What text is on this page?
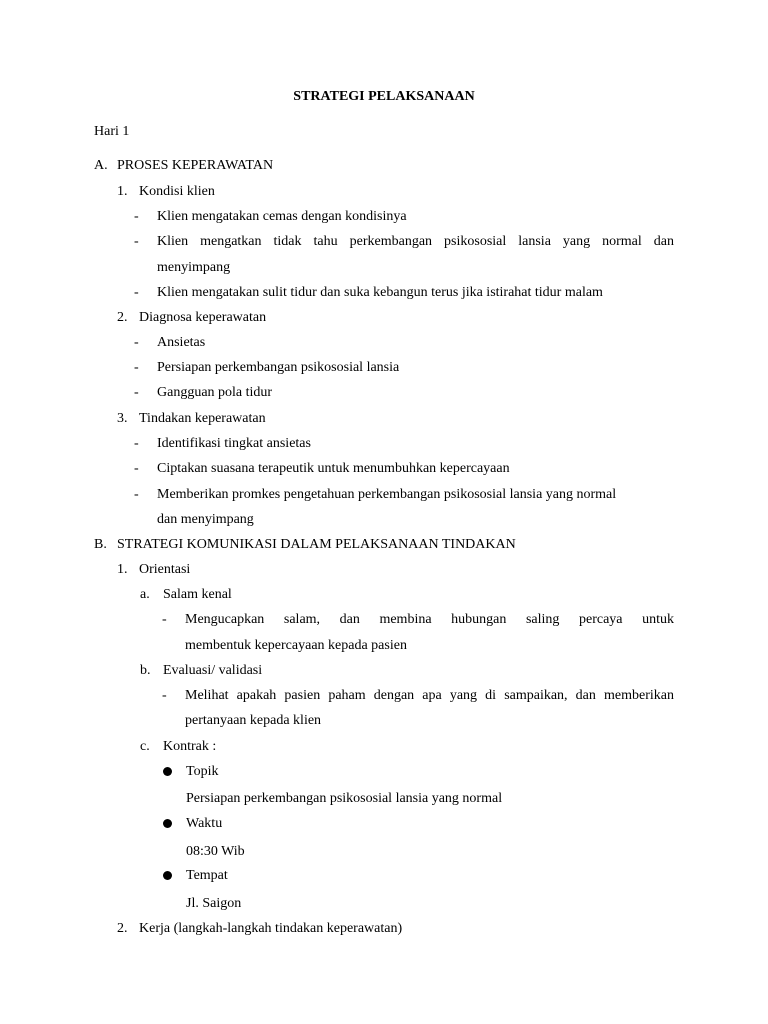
STRATEGI PELAKSANAAN
Hari 1
A. PROSES KEPERAWATAN
1. Kondisi klien
- Klien mengatakan cemas dengan kondisinya
- Klien mengatkan tidak tahu perkembangan psikososial lansia yang normal dan
menyimpang
- Klien mengatakan sulit tidur dan suka kebangun terus jika istirahat tidur malam
2. Diagnosa keperawatan
- Ansietas
- Persiapan perkembangan psikososial lansia
- Gangguan pola tidur
3. Tindakan keperawatan
- Identifikasi tingkat ansietas
- Ciptakan suasana terapeutik untuk menumbuhkan kepercayaan
- Memberikan promkes pengetahuan perkembangan psikososial lansia yang normal
dan menyimpang
B. STRATEGI KOMUNIKASI DALAM PELAKSANAAN TINDAKAN
1. Orientasi
a. Salam kenal
- Mengucapkan salam, dan membina hubungan saling percaya untuk
membentuk kepercayaan kepada pasien
b. Evaluasi/ validasi
- Melihat apakah pasien paham dengan apa yang di sampaikan, dan memberikan
pertanyaan kepada klien
c. Kontrak :
Topik
Persiapan perkembangan psikososial lansia yang normal
Waktu
08:30 Wib
Tempat
Jl. Saigon
2. Kerja (langkah-langkah tindakan keperawatan)
